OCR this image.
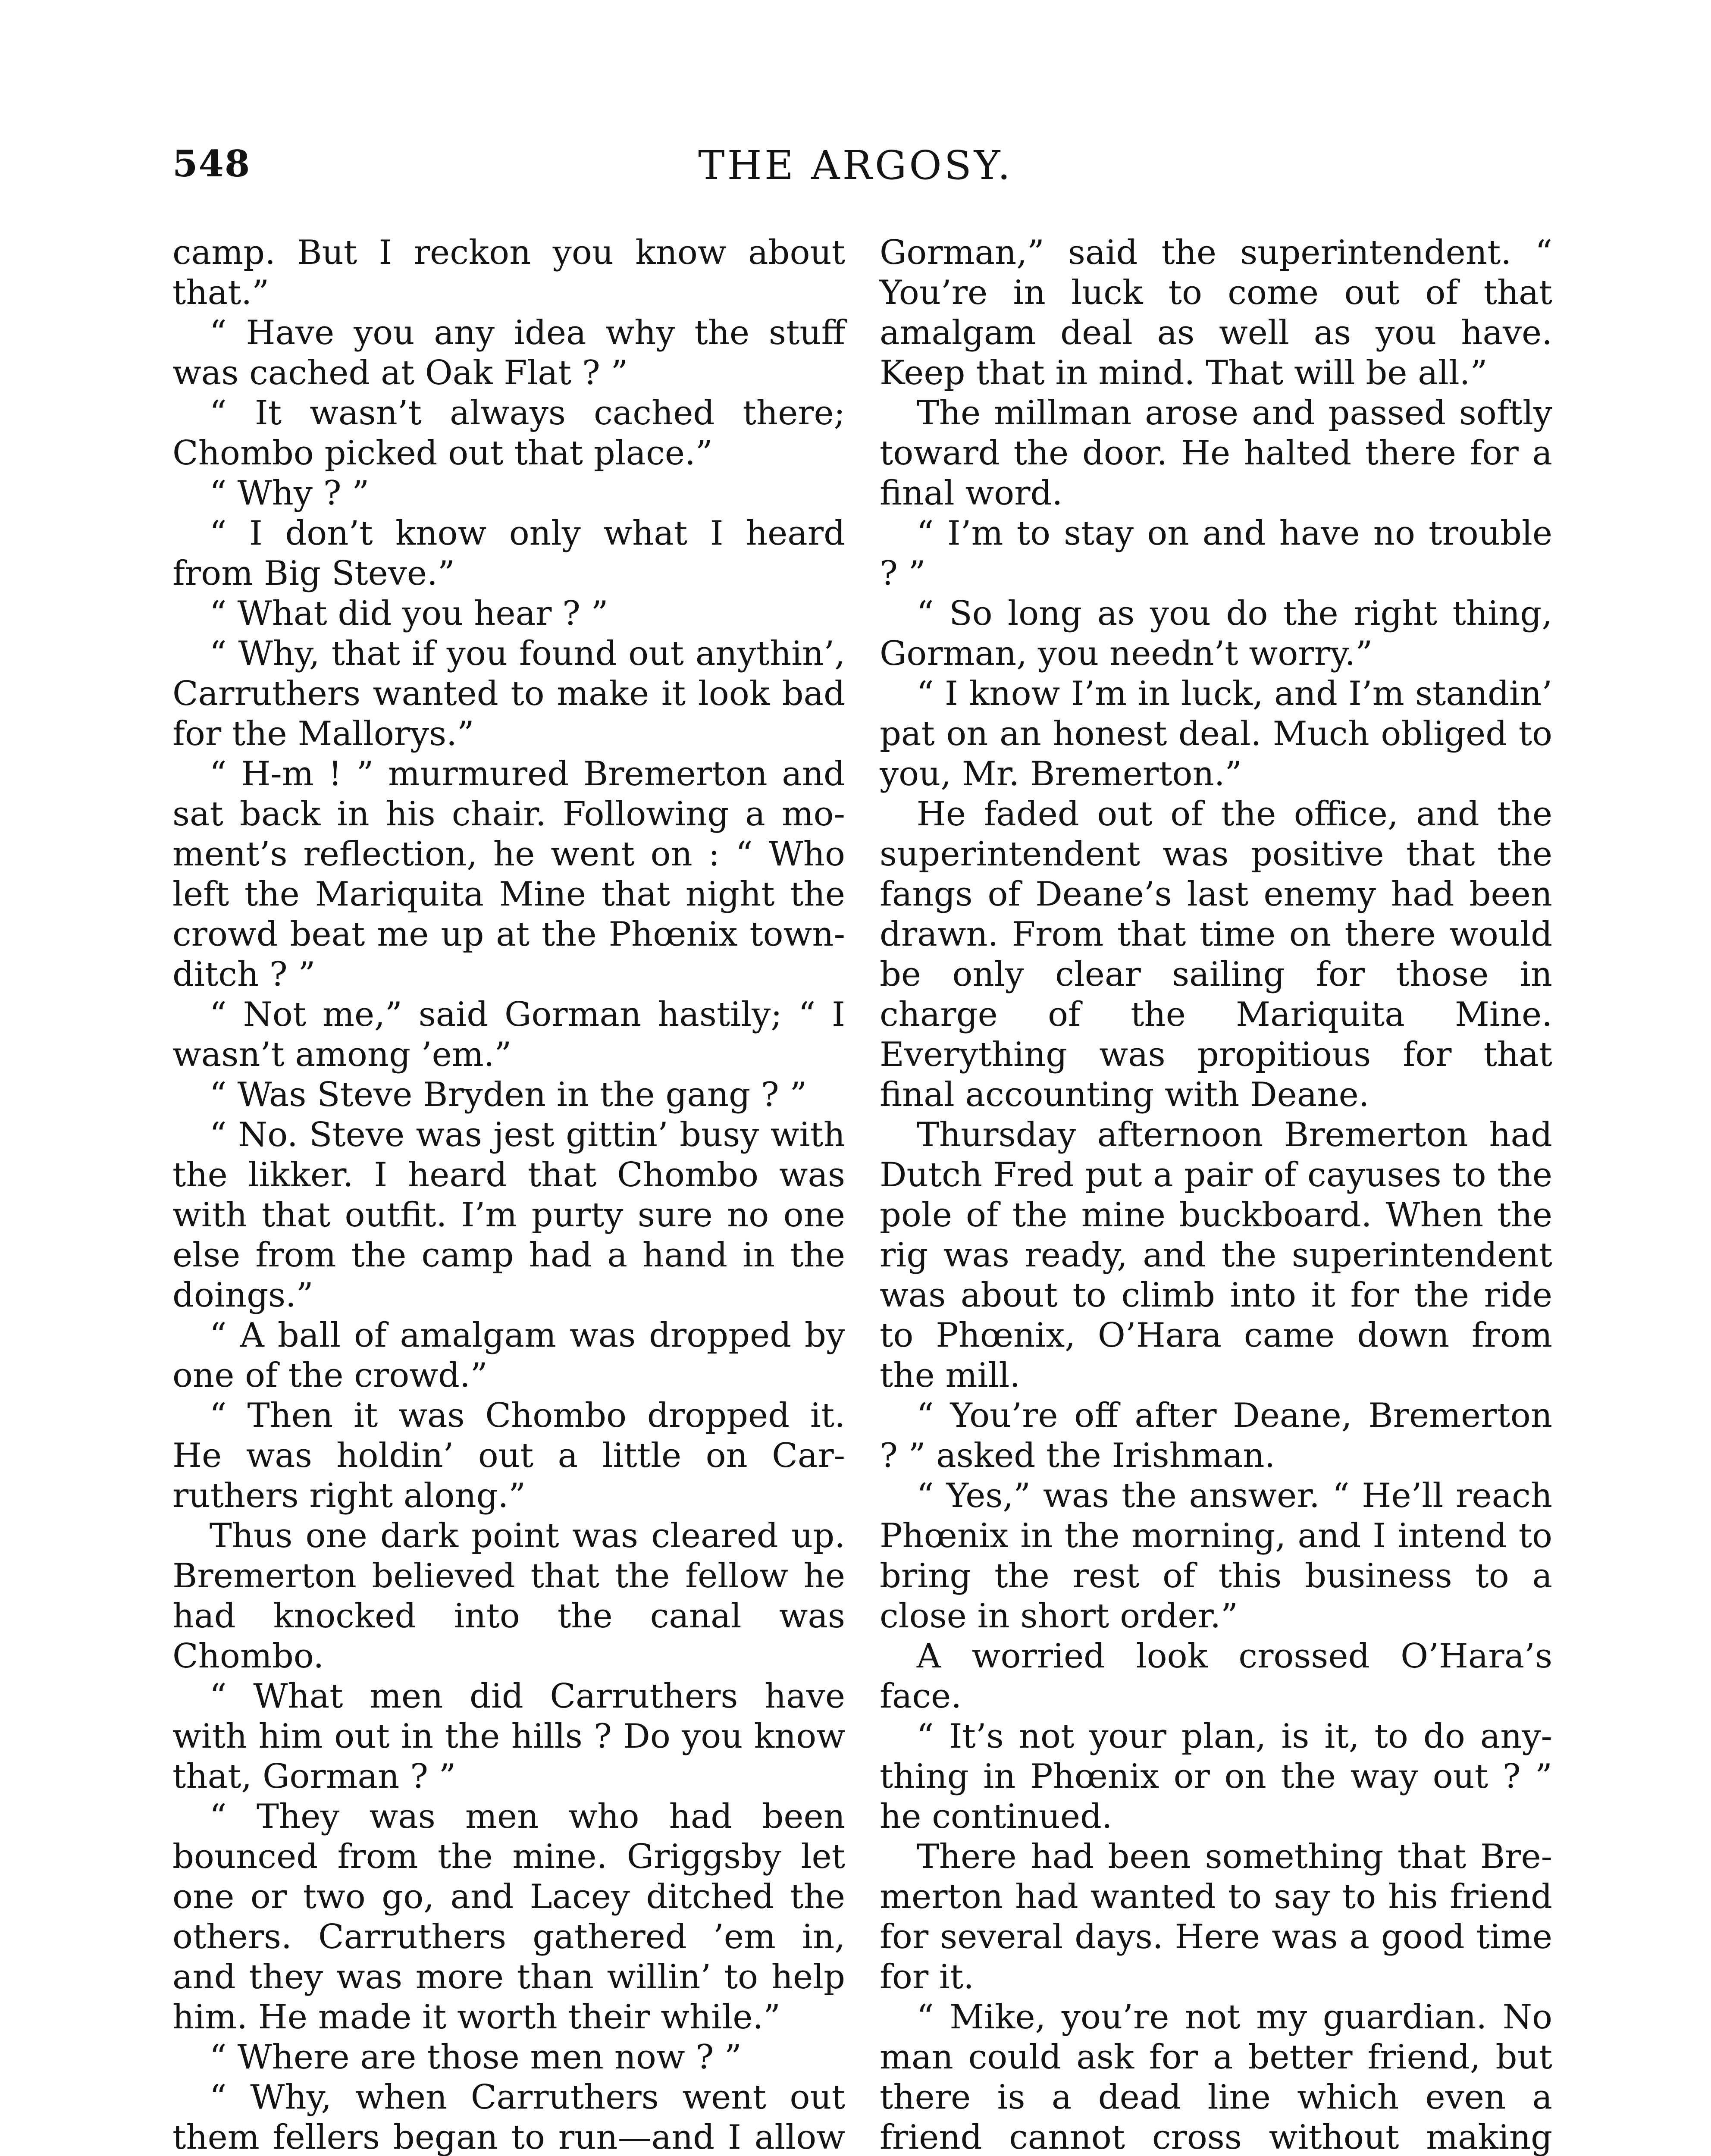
548	THE ARGOSY.

camp. But I reckon you know about that.”

“ Have you any idea why the stuff was cached at Oak Flat ? ”

“ It wasn’t always cached there; Chombo picked out that place.”

“ Why ? ”

“ I don’t know only what I heard from Big Steve.”

“ What did you hear ? ”

“ Why, that if you found out anythin’, Carruthers wanted to make it look bad for the Mallorys.”

“ H-m ! ” murmured Bremerton and sat back in his chair. Following a moment’s reflection, he went on : “ Who left the Mariquita Mine that night the crowd beat me up at the Phœnix town-ditch ? ”

“ Not me,” said Gorman hastily; “ I wasn’t among ’em.”

“ Was Steve Bryden in the gang ? ”

“ No. Steve was jest gittin’ busy with the likker. I heard that Chombo was with that outfit. I’m purty sure no one else from the camp had a hand in the doings.”

“ A ball of amalgam was dropped by one of the crowd.”

“ Then it was Chombo dropped it. He was holdin’ out a little on Carruthers right along.”

Thus one dark point was cleared up. Bremerton believed that the fellow he had knocked into the canal was Chombo.

“ What men did Carruthers have with him out in the hills ? Do you know that, Gorman ? ”

“ They was men who had been bounced from the mine. Griggsby let one or two go, and Lacey ditched the others. Carruthers gathered ’em in, and they was more than willin’ to help him. He made it worth their while.”

“ Where are those men now ? ”

“ Why, when Carruthers went out them fellers began to run—and I allow

Gorman,” said the superintendent. “ You’re in luck to come out of that amalgam deal as well as you have. Keep that in mind. That will be all.”

The millman arose and passed softly toward the door. He halted there for a final word.

“ I’m to stay on and have no trouble ? ”

“ So long as you do the right thing, Gorman, you needn’t worry.”

“ I know I’m in luck, and I’m standin’ pat on an honest deal. Much obliged to you, Mr. Bremerton.”

He faded out of the office, and the superintendent was positive that the fangs of Deane’s last enemy had been drawn. From that time on there would be only clear sailing for those in charge of the Mariquita Mine. Everything was propitious for that final accounting with Deane.

Thursday afternoon Bremerton had Dutch Fred put a pair of cayuses to the pole of the mine buckboard. When the rig was ready, and the superintendent was about to climb into it for the ride to Phœnix, O’Hara came down from the mill.

“ You’re off after Deane, Bremerton ? ” asked the Irishman.

“ Yes,” was the answer. “ He’ll reach Phœnix in the morning, and I intend to bring the rest of this business to a close in short order.”

A worried look crossed O’Hara’s face.

“ It’s not your plan, is it, to do anything in Phœnix or on the way out ? ” he continued.

There had been something that Bremerton had wanted to say to his friend for several days. Here was a good time for it.

“ Mike, you’re not my guardian. No man could ask for a better friend, but there is a dead line which even a friend cannot cross without making
